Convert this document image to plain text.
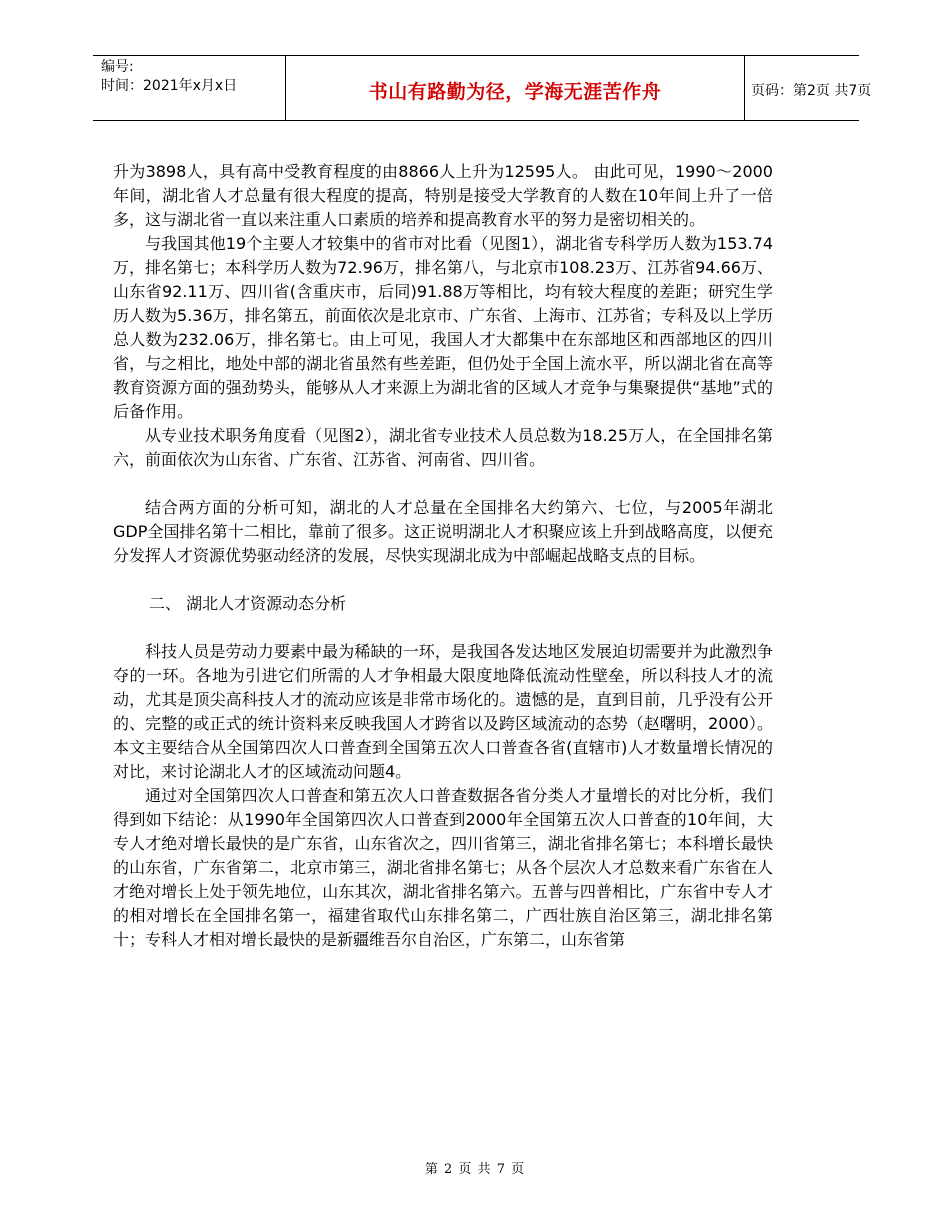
编号:
时间：2021年x月x日	书山有路勤为径，学海无涯苦作舟	页码：第2页 共7页

升为3898人，具有高中受教育程度的由8866人上升为12595人。 由此可见，1990～2000年间，湖北省人才总量有很大程度的提高，特别是接受大学教育的人数在10年间上升了一倍多，这与湖北省一直以来注重人口素质的培养和提高教育水平的努力是密切相关的。

与我国其他19个主要人才较集中的省市对比看（见图1），湖北省专科学历人数为153.74万，排名第七；本科学历人数为72.96万，排名第八，与北京市108.23万、江苏省94.66万、山东省92.11万、四川省(含重庆市，后同)91.88万等相比，均有较大程度的差距；研究生学历人数为5.36万，排名第五，前面依次是北京市、广东省、上海市、江苏省；专科及以上学历总人数为232.06万，排名第七。由上可见，我国人才大都集中在东部地区和西部地区的四川省，与之相比，地处中部的湖北省虽然有些差距，但仍处于全国上流水平，所以湖北省在高等教育资源方面的强劲势头，能够从人才来源上为湖北省的区域人才竞争与集聚提供“基地”式的后备作用。

从专业技术职务角度看（见图2），湖北省专业技术人员总数为18.25万人，在全国排名第六，前面依次为山东省、广东省、江苏省、河南省、四川省。

结合两方面的分析可知，湖北的人才总量在全国排名大约第六、七位，与2005年湖北GDP全国排名第十二相比，靠前了很多。这正说明湖北人才积聚应该上升到战略高度，以便充分发挥人才资源优势驱动经济的发展，尽快实现湖北成为中部崛起战略支点的目标。

二、 湖北人才资源动态分析

科技人员是劳动力要素中最为稀缺的一环，是我国各发达地区发展迫切需要并为此激烈争夺的一环。各地为引进它们所需的人才争相最大限度地降低流动性壁垒，所以科技人才的流动，尤其是顶尖高科技人才的流动应该是非常市场化的。遗憾的是，直到目前，几乎没有公开的、完整的或正式的统计资料来反映我国人才跨省以及跨区域流动的态势（赵曙明，2000）。本文主要结合从全国第四次人口普查到全国第五次人口普查各省(直辖市)人才数量增长情况的对比，来讨论湖北人才的区域流动问题4。

通过对全国第四次人口普查和第五次人口普查数据各省分类人才量增长的对比分析，我们得到如下结论：从1990年全国第四次人口普查到2000年全国第五次人口普查的10年间，大专人才绝对增长最快的是广东省，山东省次之，四川省第三，湖北省排名第七；本科增长最快的山东省，广东省第二，北京市第三，湖北省排名第七；从各个层次人才总数来看广东省在人才绝对增长上处于领先地位，山东其次，湖北省排名第六。五普与四普相比，广东省中专人才的相对增长在全国排名第一，福建省取代山东排名第二，广西壮族自治区第三，湖北排名第十；专科人才相对增长最快的是新疆维吾尔自治区，广东第二，山东省第

第 2 页 共 7 页
